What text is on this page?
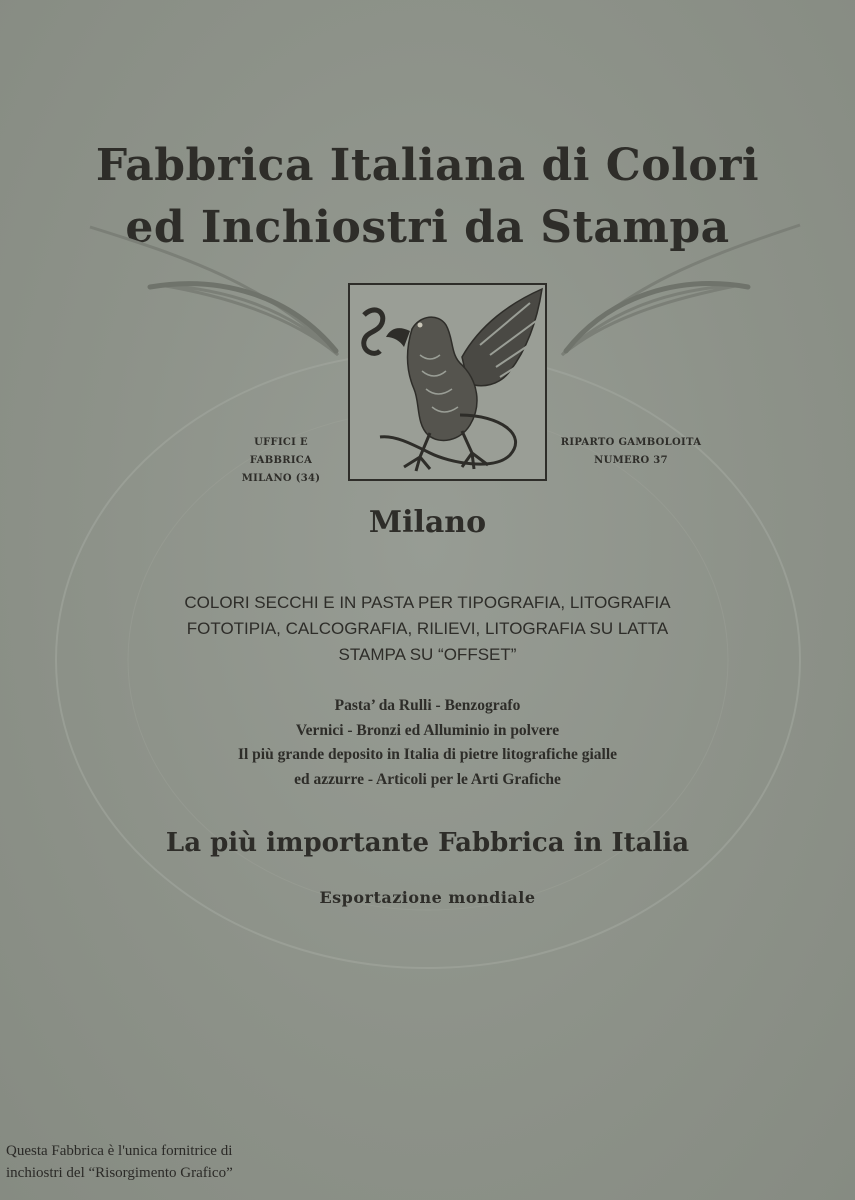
Fabbrica Italiana di Colori
ed Inchiostri da Stampa
UFFICI E FABBRICA
MILANO (34)
RIPARTO GAMBOLOITA
NUMERO 37
Milano
COLORI SECCHI E IN PASTA PER TIPOGRAFIA, LITOGRAFIA
FOTOTIPIA, CALCOGRAFIA, RILIEVI, LITOGRAFIA SU LATTA
STAMPA SU “OFFSET”
Pasta’ da Rulli - Benzografo
Vernici - Bronzi ed Alluminio in polvere
Il più grande deposito in Italia di pietre litografiche gialle
ed azzurre - Articoli per le Arti Grafiche
La più importante Fabbrica in Italia
Esportazione mondiale
Questa Fabbrica è l'unica fornitrice di
inchiostri del “Risorgimento Grafico”
